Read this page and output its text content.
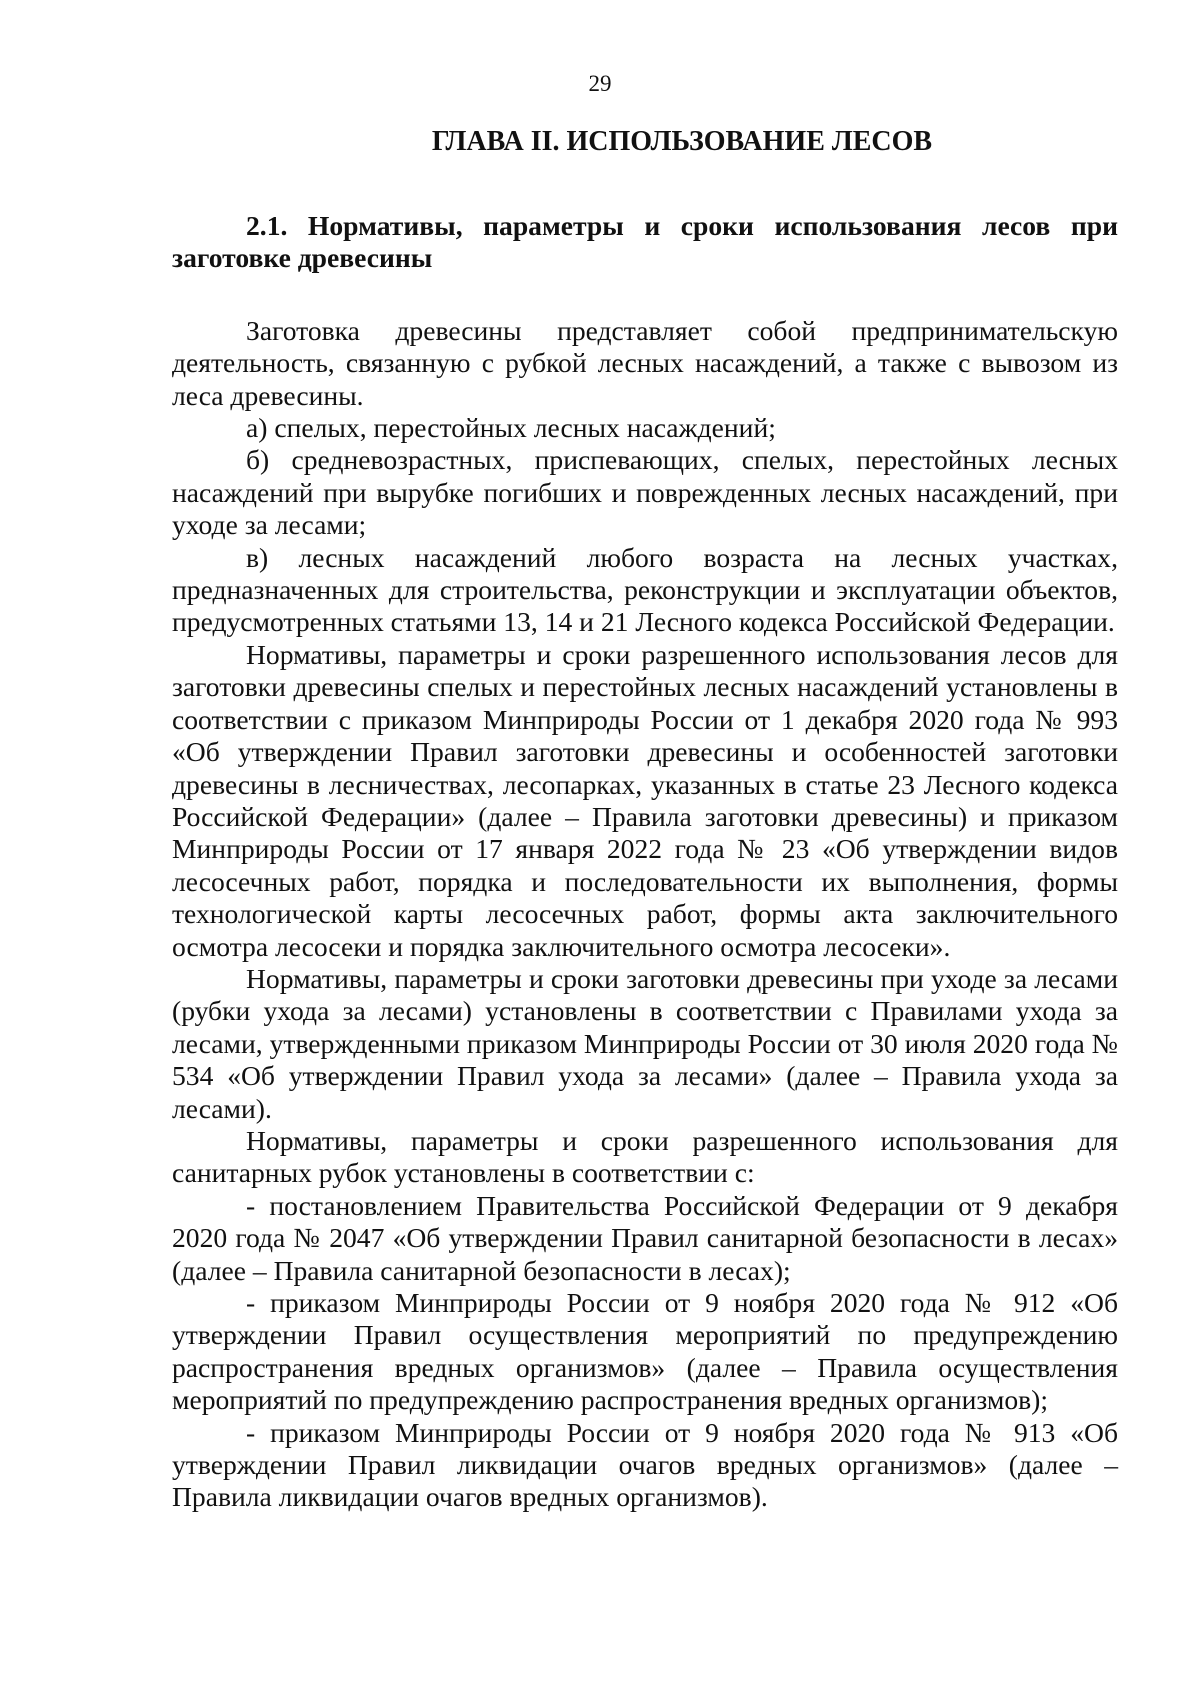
29
ГЛАВА II. ИСПОЛЬЗОВАНИЕ ЛЕСОВ
2.1. Нормативы, параметры и сроки использования лесов при заготовке древесины

Заготовка древесины представляет собой предпринимательскую деятельность, связанную с рубкой лесных насаждений, а также с вывозом из леса древесины.

а) спелых, перестойных лесных насаждений;

б) средневозрастных, приспевающих, спелых, перестойных лесных насаждений при вырубке погибших и поврежденных лесных насаждений, при уходе за лесами;

в) лесных насаждений любого возраста на лесных участках, предназначенных для строительства, реконструкции и эксплуатации объектов, предусмотренных статьями 13, 14 и 21 Лесного кодекса Российской Федерации.

Нормативы, параметры и сроки разрешенного использования лесов для заготовки древесины спелых и перестойных лесных насаждений установлены в соответствии с приказом Минприроды России от 1 декабря 2020 года № 993 «Об утверждении Правил заготовки древесины и особенностей заготовки древесины в лесничествах, лесопарках, указанных в статье 23 Лесного кодекса Российской Федерации» (далее – Правила заготовки древесины) и приказом Минприроды России от 17 января 2022 года № 23 «Об утверждении видов лесосечных работ, порядка и последовательности их выполнения, формы технологической карты лесосечных работ, формы акта заключительного осмотра лесосеки и порядка заключительного осмотра лесосеки».

Нормативы, параметры и сроки заготовки древесины при уходе за лесами (рубки ухода за лесами) установлены в соответствии с Правилами ухода за лесами, утвержденными приказом Минприроды России от 30 июля 2020 года № 534 «Об утверждении Правил ухода за лесами» (далее – Правила ухода за лесами).

Нормативы, параметры и сроки разрешенного использования для санитарных рубок установлены в соответствии с:

- постановлением Правительства Российской Федерации от 9 декабря 2020 года № 2047 «Об утверждении Правил санитарной безопасности в лесах» (далее – Правила санитарной безопасности в лесах);

- приказом Минприроды России от 9 ноября 2020 года № 912 «Об утверждении Правил осуществления мероприятий по предупреждению распространения вредных организмов» (далее – Правила осуществления мероприятий по предупреждению распространения вредных организмов);

- приказом Минприроды России от 9 ноября 2020 года № 913 «Об утверждении Правил ликвидации очагов вредных организмов» (далее – Правила ликвидации очагов вредных организмов).
